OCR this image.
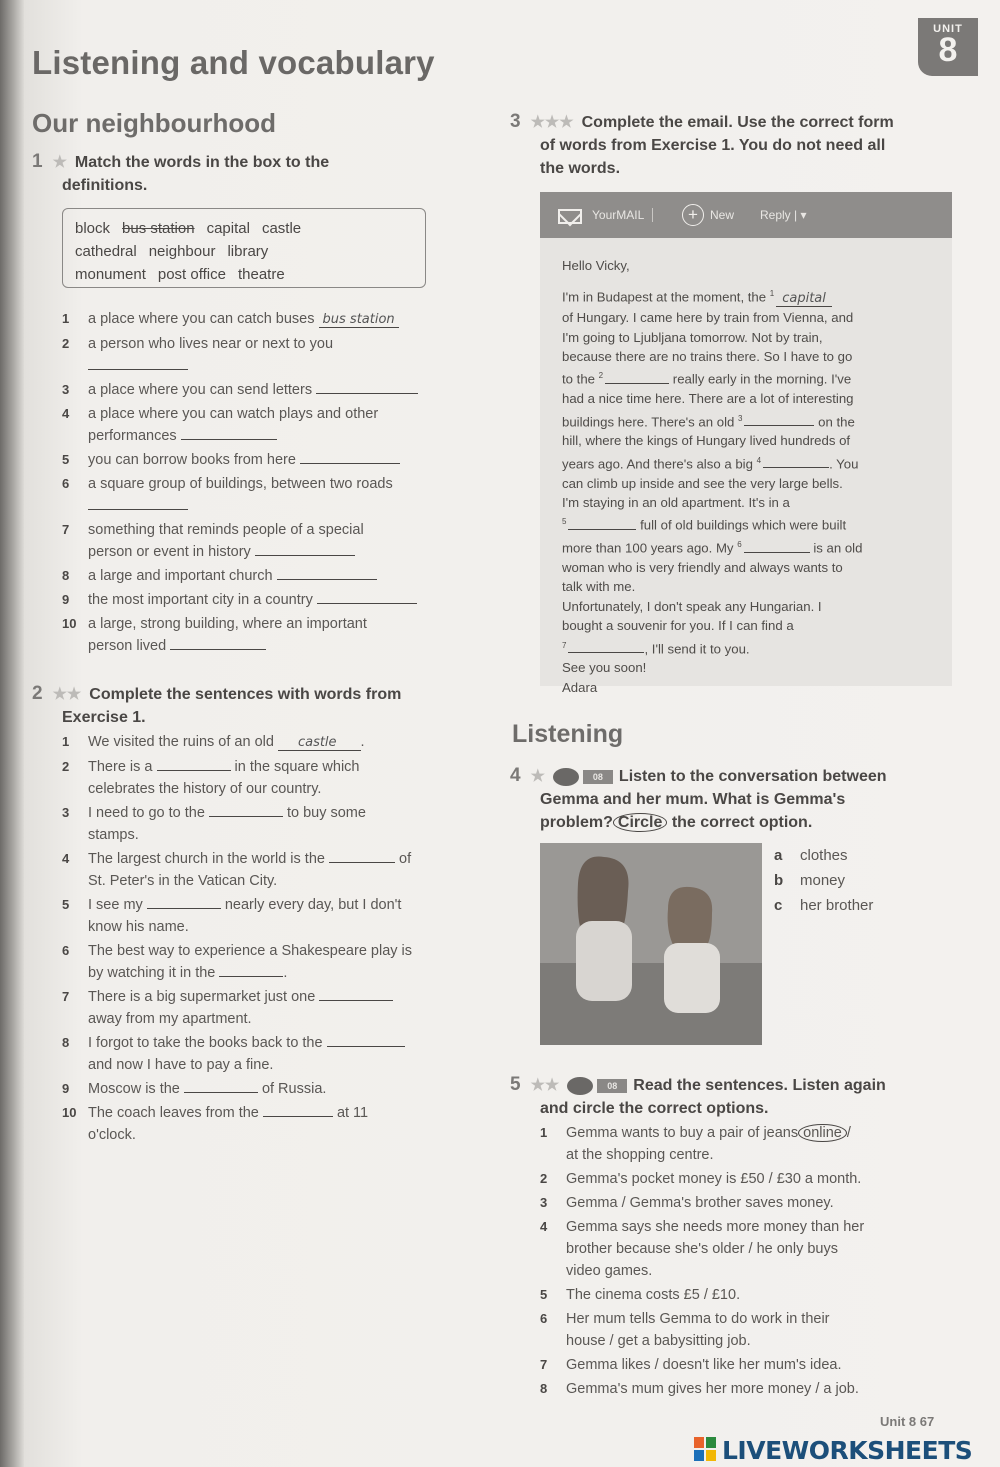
Listening and vocabulary
UNIT
8
Our neighbourhood
1 ★ Match the words in the box to the
definitions.
block bus station capital castle
cathedral neighbour library
monument post office theatre
1 a place where you can catch buses bus station
2 a person who lives near or next to you
3 a place where you can send letters
4 a place where you can watch plays and other
performances
5 you can borrow books from here
6 a square group of buildings, between two roads
7 something that reminds people of a special
person or event in history
8 a large and important church
9 the most important city in a country
10 a large, strong building, where an important
person lived
2 ★★ Complete the sentences with words from
Exercise 1.
1 We visited the ruins of an old castle .
2 There is a	in the square which
celebrates the history of our country.
3 I need to go to the	to buy some
stamps.
4 The largest church in the world is the	of
St. Peter's in the Vatican City.
5 I see my	nearly every day, but I don't
know his name.
6 The best way to experience a Shakespeare play is
by watching it in the	.
7 There is a big supermarket just one
away from my apartment.
8 I forgot to take the books back to the
and now I have to pay a fine.
9 Moscow is the	of Russia.
10 The coach leaves from the	at 11
o'clock.
3 ★★★ Complete the email. Use the correct form
of words from Exercise 1. You do not need all
the words.
YourMAIL	+	New Reply | ▾

Hello Vicky,

I'm in Budapest at the moment, the $^1$ capital

of Hungary. I came here by train from Vienna, and

I'm going to Ljubljana tomorrow. Not by train,

because there are no trains there. So I have to go

to the $^2$	really early in the morning. I've

had a nice time here. There are a lot of interesting

buildings here. There's an old $^3$	on the

hill, where the kings of Hungary lived hundreds of

years ago. And there's also a big $^4$	. You

can climb up inside and see the very large bells.

I'm staying in an old apartment. It's in a

$^5$	full of old buildings which were built

more than 100 years ago. My $^6$	is an old

woman who is very friendly and always wants to

talk with me.

Unfortunately, I don't speak any Hungarian. I

bought a souvenir for you. If I can find a

$^7$	, I'll send it to you.

See you soon!

Adara

Listening
4 ★	08 Listen to the conversation between
Gemma and her mum. What is Gemma's
problem? Circle the correct option.
a clothes
b money
c her brother
5 ★★	08 Read the sentences. Listen again
and circle the correct options.
1 Gemma wants to buy a pair of jeans online /
at the shopping centre.
2 Gemma's pocket money is £50 / £30 a month.
3 Gemma / Gemma's brother saves money.
4 Gemma says she needs more money than her
brother because she's older / he only buys
video games.
5 The cinema costs £5 / £10.
6 Her mum tells Gemma to do work in their
house / get a babysitting job.
7 Gemma likes / doesn't like her mum's idea.
8 Gemma's mum gives her more money / a job.
Unit 8 67
LIVEWORKSHEETS
